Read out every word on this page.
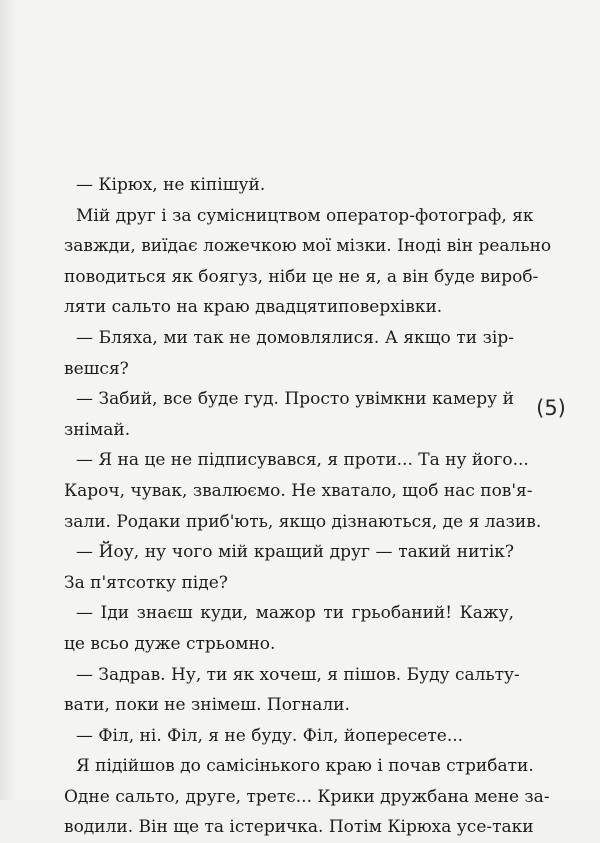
— Кірюх, не кіпішуй.
Мій друг і за сумісництвом оператор-фотограф, як
завжди, виїдає ложечкою мої мізки. Іноді він реально
поводиться як боягуз, ніби це не я, а він буде вироб-
ляти сальто на краю двадцятиповерхівки.
— Бляха, ми так не домовлялися. А якщо ти зір-
вешся?
— Забий, все буде гуд. Просто увімкни камеру й
знімай.
— Я на це не підписувався, я проти... Та ну його...
Кароч, чувак, звалюємо. Не хватало, щоб нас пов'я-
зали. Родаки приб'ють, якщо дізнаються, де я лазив.
— Йоу, ну чого мій кращий друг — такий нитік?
За п'ятсотку піде?
— Іди знаєш куди, мажор ти грьобаний! Кажу,
це всьо дуже стрьомно.
— Задрав. Ну, ти як хочеш, я пішов. Буду сальту-
вати, поки не знімеш. Погнали.
— Філ, ні. Філ, я не буду. Філ, йопересете...
Я підійшов до самісінького краю і почав стрибати.
Одне сальто, друге, третє... Крики дружбана мене за-
водили. Він ще та істеричка. Потім Кірюха усе-таки
(5)
